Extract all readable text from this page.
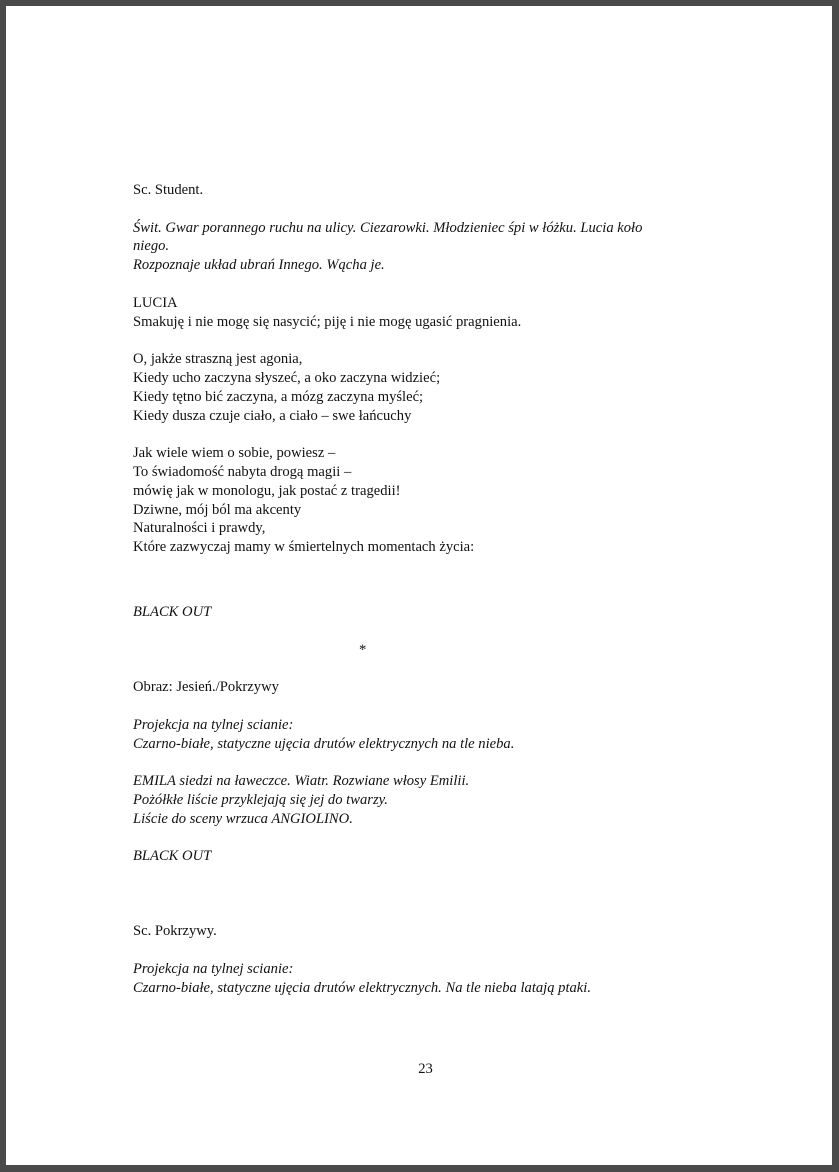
Sc. Student.
Świt. Gwar porannego ruchu na ulicy. Ciezarowki. Młodzieniec śpi w łóżku. Lucia koło
niego.
Rozpoznaje układ ubrań Innego. Wącha je.
LUCIA
Smakuję i nie mogę się nasycić; piję i nie mogę ugasić pragnienia.
O, jakże straszną jest agonia,
Kiedy ucho zaczyna słyszeć, a oko zaczyna widzieć;
Kiedy tętno bić zaczyna, a mózg zaczyna myśleć;
Kiedy dusza czuje ciało, a ciało – swe łańcuchy
Jak wiele wiem o sobie, powiesz –
To świadomość nabyta drogą magii –
mówię jak w monologu, jak postać z tragedii!
Dziwne, mój ból ma akcenty
Naturalności i prawdy,
Które zazwyczaj mamy w śmiertelnych momentach życia:
BLACK OUT
Obraz: Jesień./Pokrzywy
Projekcja na tylnej scianie:
Czarno-białe, statyczne ujęcia drutów elektrycznych na tle nieba.
EMILA siedzi na ławeczce. Wiatr. Rozwiane włosy Emilii.
Pożółkłe liście przyklejają się jej do twarzy.
Liście do sceny wrzuca ANGIOLINO.
BLACK OUT
Sc. Pokrzywy.
Projekcja na tylnej scianie:
Czarno-białe, statyczne ujęcia drutów elektrycznych. Na tle nieba latają ptaki.
*
23
